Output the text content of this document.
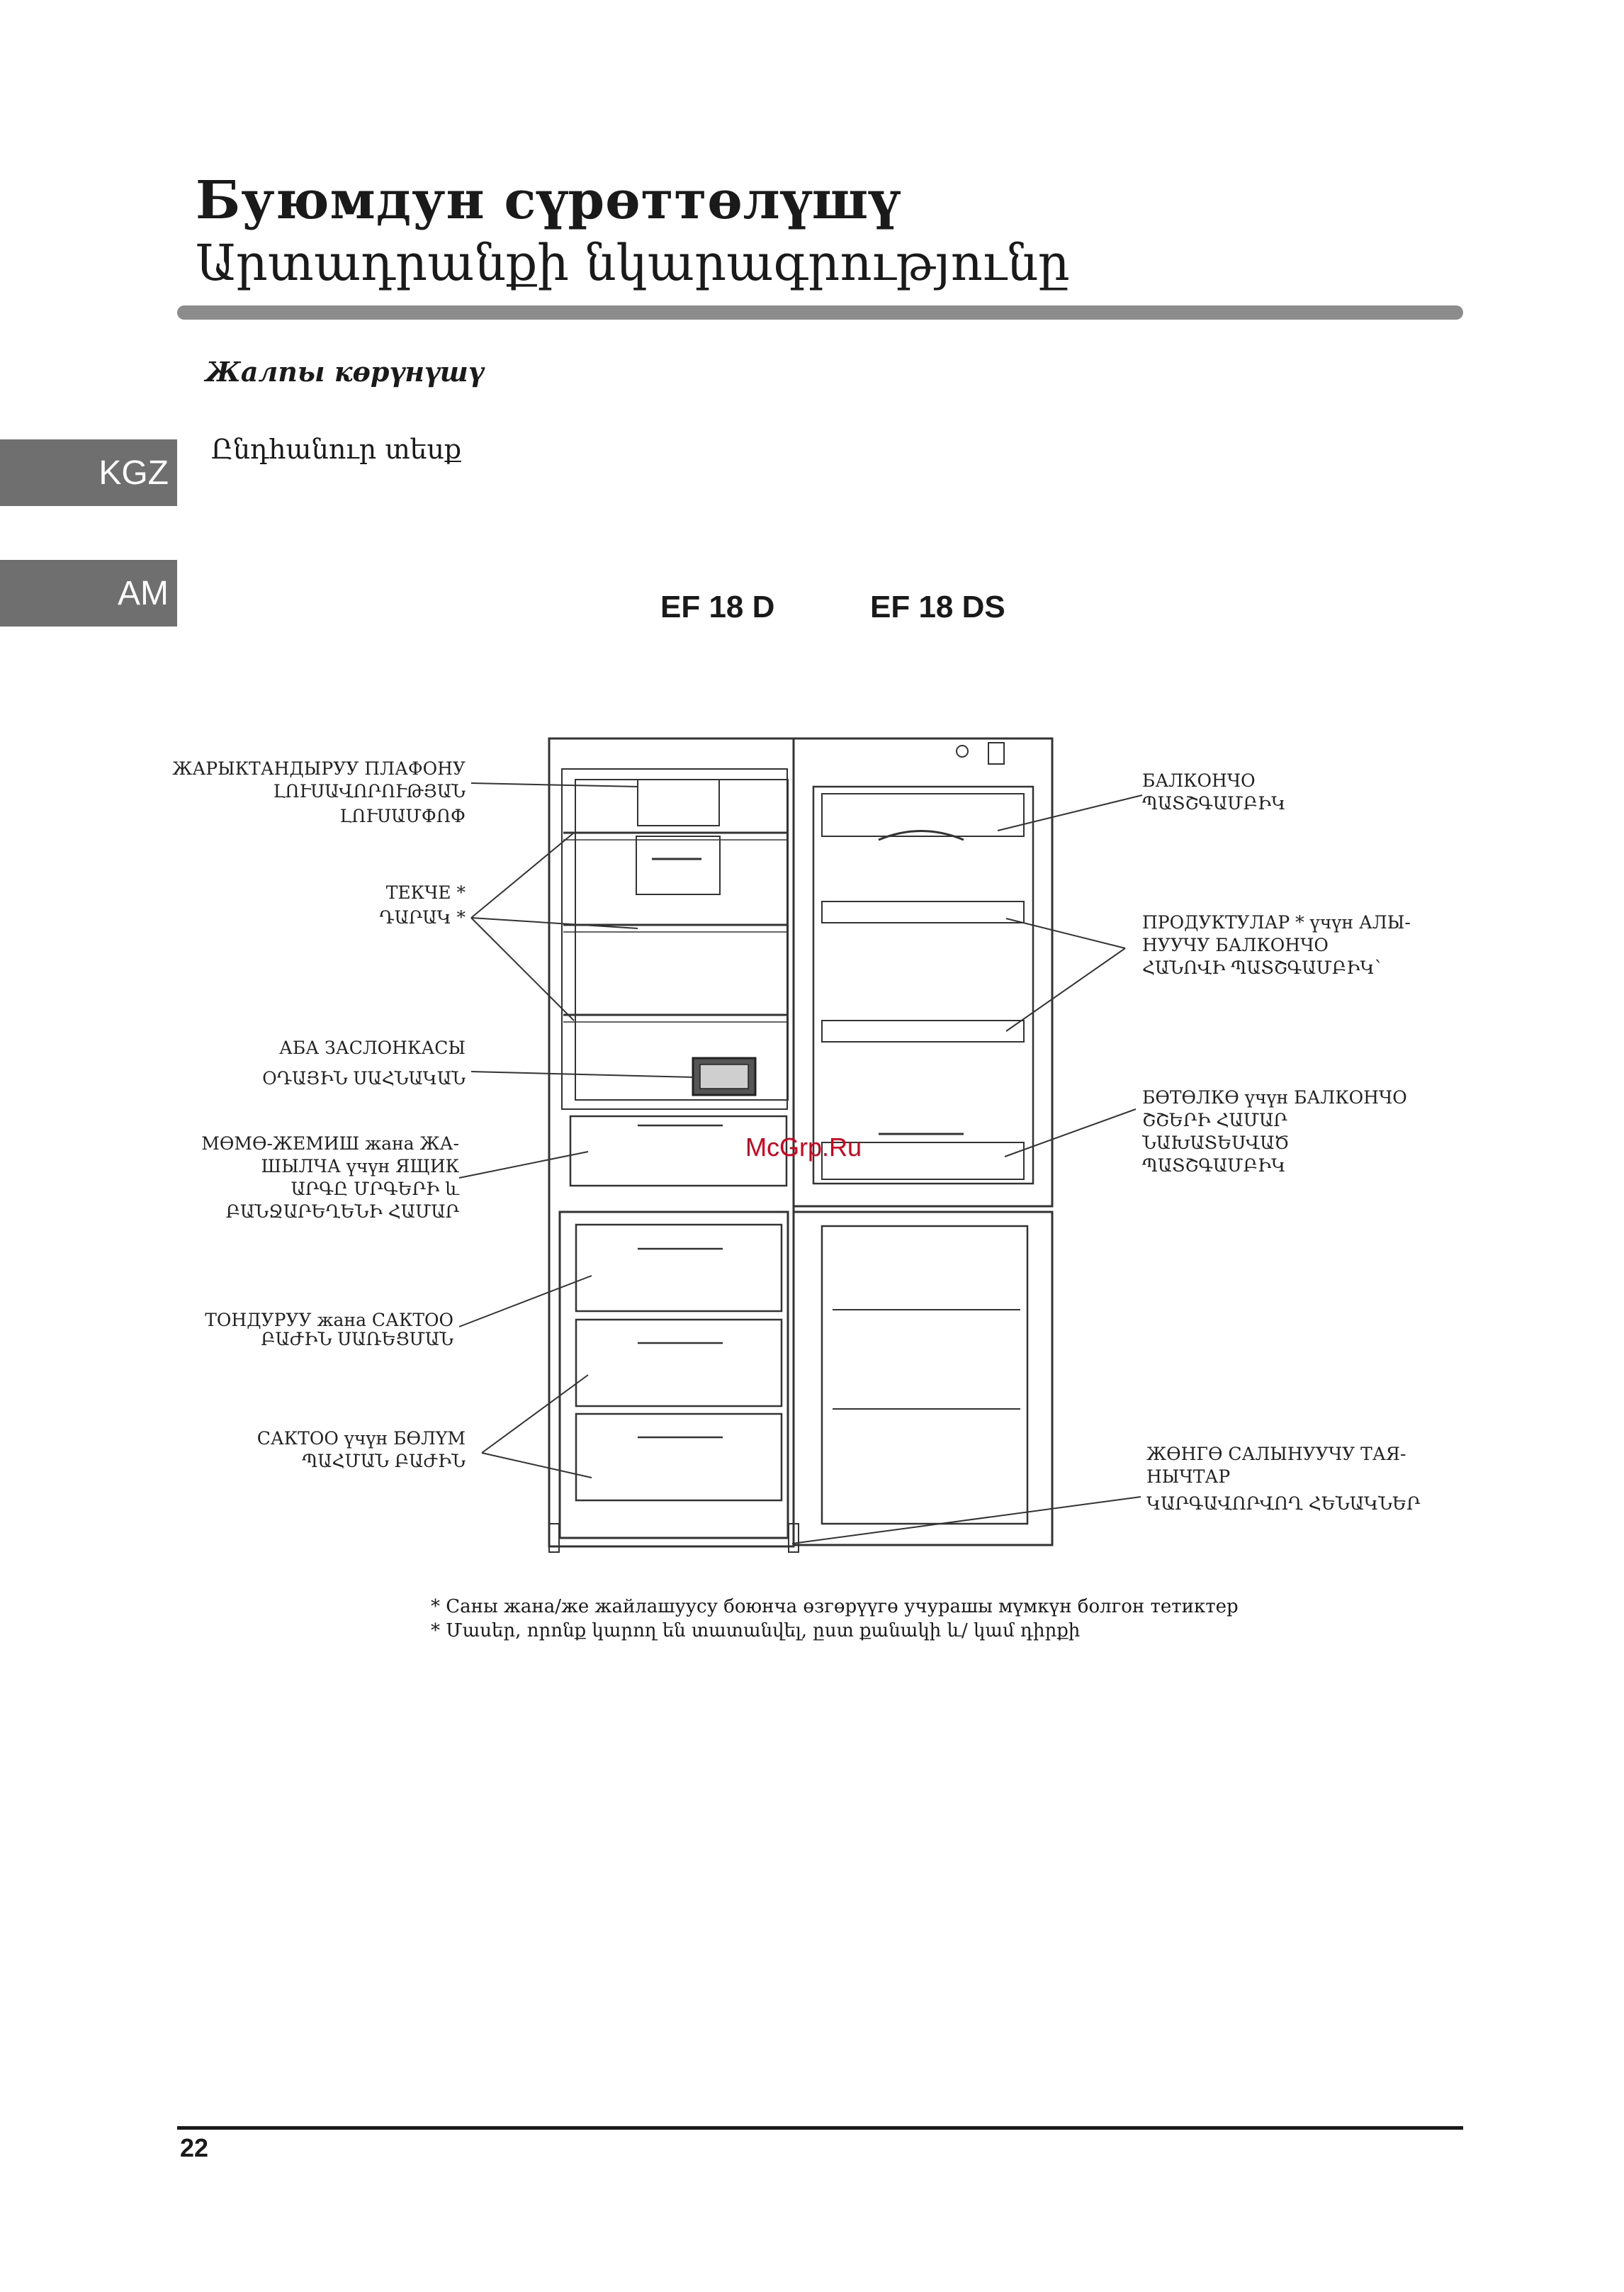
Буюмдун сүрөттөлүшү
Արտադրանքի նկարագրությունը
Жалпы көрүнүшү
Ընդհանուր տեսք
KGZ
AM	EF 18 D	EF 18 DS
ЖАРЫКТАНДЫРУУ ПЛАФОНУ
ԼՈՒՍԱՎՈՐՈՒԹՅԱՆ
ԼՈՒՍԱՄՓՈՓ
ТЕКЧЕ *
ԴԱՐԱԿ *
АБА ЗАСЛОНКАСЫ
ՕԴԱՅԻՆ ՍԱՀՆԱԿԱՆ
МӨМӨ-ЖЕМИШ жана ЖА-
ШЫЛЧА үчүн ЯЩИК
ԱՐԳԸ ՄՐԳԵՐԻ և
ԲԱՆՋԱՐԵՂԵՆԻ ՀԱՄԱՐ
ТОНДУРУУ жана САКТОО
ԲԱԺԻՆ ՍԱՌԵՑՄԱՆ
САКТОО үчүн БӨЛҮМ
ՊԱՀՄԱՆ ԲԱԺԻՆ
БАЛКОНЧО
ՊԱՏՇԳԱՄԲԻԿ
ПРОДУКТУЛАР * үчүн АЛЫ-
НУУЧУ БАЛКОНЧО
ՀԱՆՈՎԻ ՊԱՏՇԳԱՄԲԻԿ`
БӨТӨЛКӨ үчүн БАЛКОНЧО
ՇՇԵՐԻ ՀԱՄԱՐ
ՆԱԽԱՏԵՍՎԱԾ
ՊԱՏՇԳԱՄԲԻԿ
ЖӨНГӨ САЛЫНУУЧУ ТАЯ-
НЫЧТАР
ԿԱՐԳԱՎՈՐՎՈՂ ՀԵՆԱԿՆԵՐ
McGrp.Ru
* Саны жана/же жайлашуусу боюнча өзгөрүүгө учурашы мүмкүн болгон тетиктер
* Մասեր, որոնք կարող են տատանվել, ըստ քանակի և/ կամ դիրքի
22
